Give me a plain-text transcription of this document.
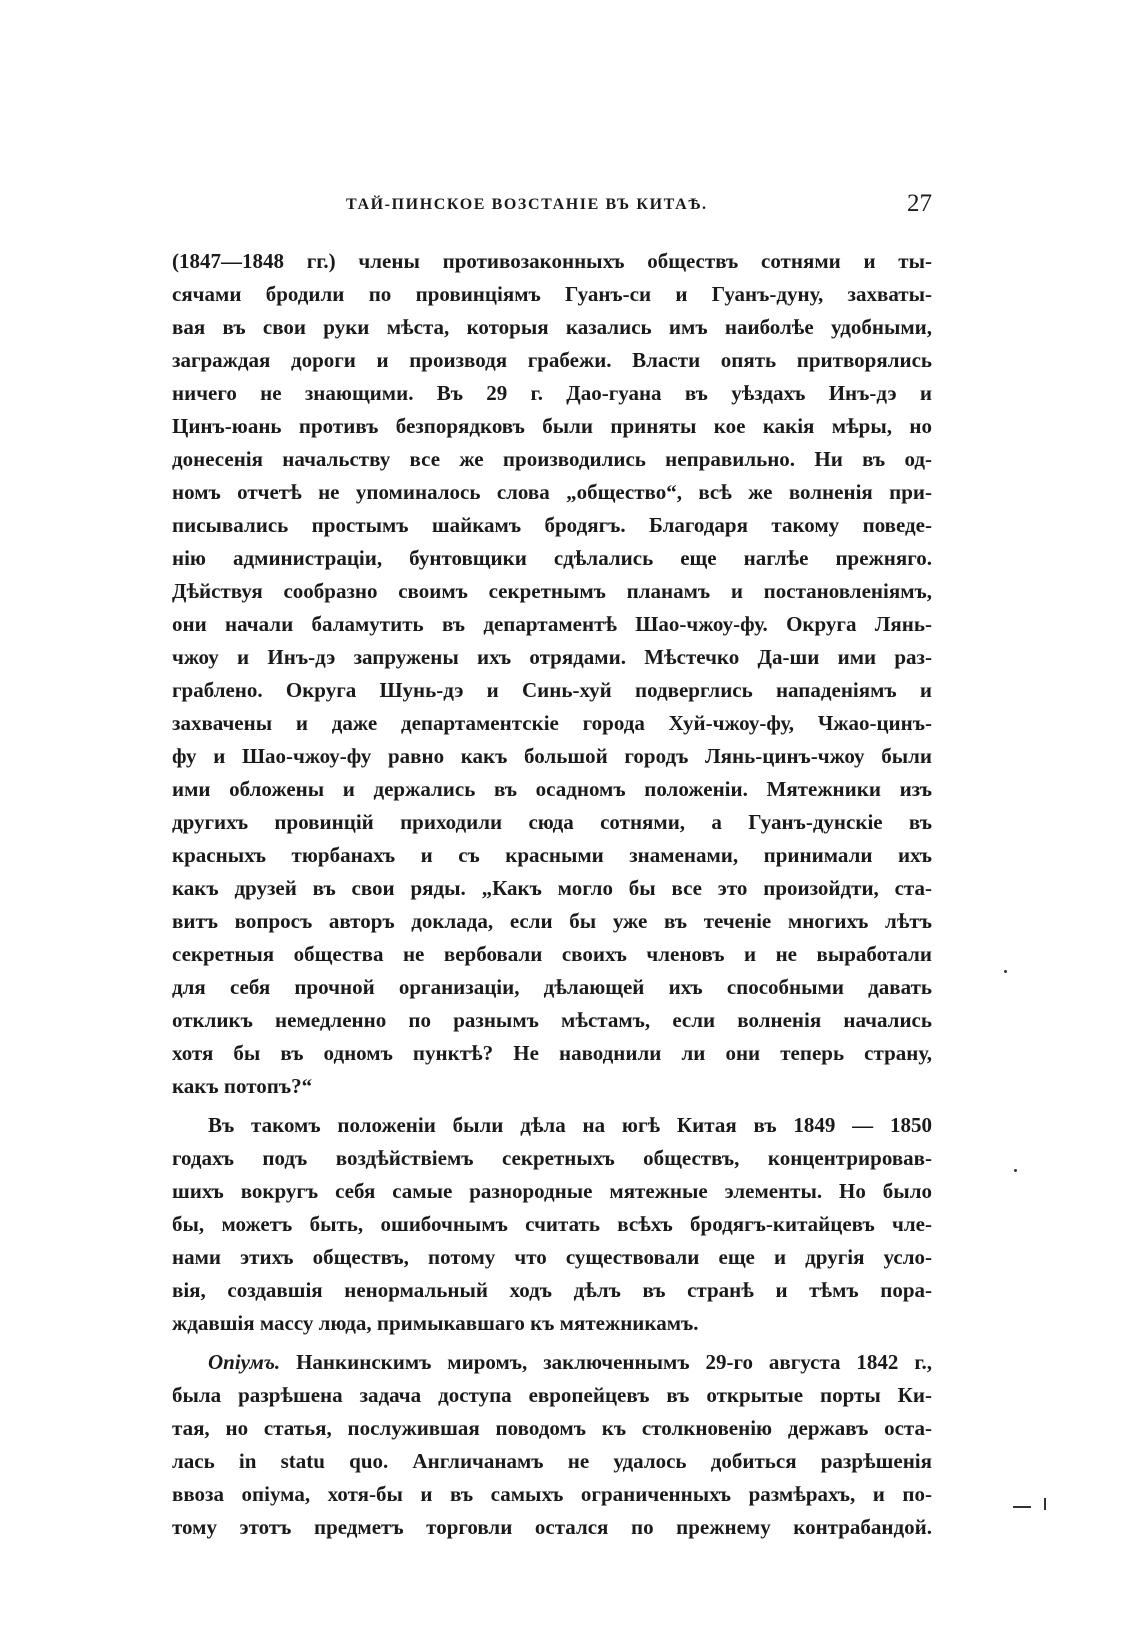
ТАЙ-ПИНСКОЕ ВОЗСТАНІЕ ВЪ КИТАѢ.	27
(1847—1848 гг.) члены противозаконныхъ обществъ сотнями и ты-
сячами бродили по провинціямъ Гуанъ-си и Гуанъ-дуну, захваты-
вая въ свои руки мѣста, которыя казались имъ наиболѣе удобными,
заграждая дороги и производя грабежи. Власти опять притворялись
ничего не знающими. Въ 29 г. Дао-гуана въ уѣздахъ Инъ-дэ и
Цинъ-юань противъ безпорядковъ были приняты кое какія мѣры, но
донесенія начальству все же производились неправильно. Ни въ од-
номъ отчетѣ не упоминалось слова „общество“, всѣ же волненія при-
писывались простымъ шайкамъ бродягъ. Благодаря такому поведе-
нію администраціи, бунтовщики сдѣлались еще наглѣе прежняго.
Дѣйствуя сообразно своимъ секретнымъ планамъ и постановленіямъ,
они начали баламутить въ департаментѣ Шао-чжоу-фу. Округа Лянь-
чжоу и Инъ-дэ запружены ихъ отрядами. Мѣстечко Да-ши ими раз-
граблено. Округа Шунь-дэ и Синь-хуй подверглись нападеніямъ и
захвачены и даже департаментскіе города Хуй-чжоу-фу, Чжао-цинъ-
фу и Шао-чжоу-фу равно какъ большой городъ Лянь-цинъ-чжоу были
ими обложены и держались въ осадномъ положеніи. Мятежники изъ
другихъ провинцій приходили сюда сотнями, а Гуанъ-дунскіе въ
красныхъ тюрбанахъ и съ красными знаменами, принимали ихъ
какъ друзей въ свои ряды. „Какъ могло бы все это произойдти, ста-
витъ вопросъ авторъ доклада, если бы уже въ теченіе многихъ лѣтъ
секретныя общества не вербовали своихъ членовъ и не выработали
для себя прочной организаціи, дѣлающей ихъ способными давать
откликъ немедленно по разнымъ мѣстамъ, если волненія начались
хотя бы въ одномъ пунктѣ? Не наводнили ли они теперь страну,
какъ потопъ?“
Въ такомъ положеніи были дѣла на югѣ Китая въ 1849 — 1850
годахъ подъ воздѣйствіемъ секретныхъ обществъ, концентрировав-
шихъ вокругъ себя самые разнородные мятежные элементы. Но было
бы, можетъ быть, ошибочнымъ считать всѣхъ бродягъ-китайцевъ чле-
нами этихъ обществъ, потому что существовали еще и другія усло-
вія, создавшія ненормальный ходъ дѣлъ въ странѣ и тѣмъ пора-
ждавшія массу люда, примыкавшаго къ мятежникамъ.
Опіумъ. Нанкинскимъ миромъ, заключеннымъ 29-го августа 1842 г.,
была разрѣшена задача доступа европейцевъ въ открытые порты Ки-
тая, но статья, послужившая поводомъ къ столкновенію державъ оста-
лась in statu quo. Англичанамъ не удалось добиться разрѣшенія
ввоза опіума, хотя-бы и въ самыхъ ограниченныхъ размѣрахъ, и по-
тому этотъ предметъ торговли остался по прежнему контрабандой.
